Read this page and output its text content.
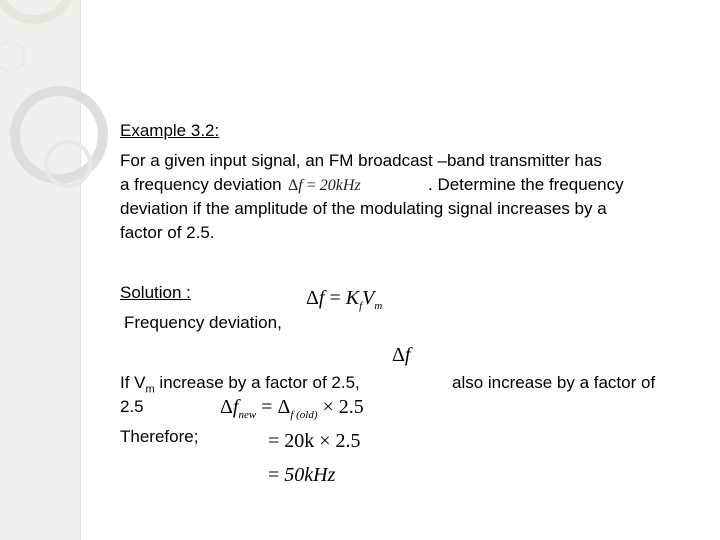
Example 3.2:
For a given input signal, an FM broadcast –band transmitter has
a frequency deviation Δf = 20kHz	. Determine the frequency
deviation if the amplitude of the modulating signal increases by a
factor of 2.5.
Solution :	$\Delta f = K_fV_m$
Frequency deviation,
Δf
If $V_m$ increase by a factor of 2.5,	also increase by a factor of
2.5	$\Delta f_{new} = \Delta_{f (old)} \times 2.5$
Therefore;	= 20k × 2.5
= 50kHz
